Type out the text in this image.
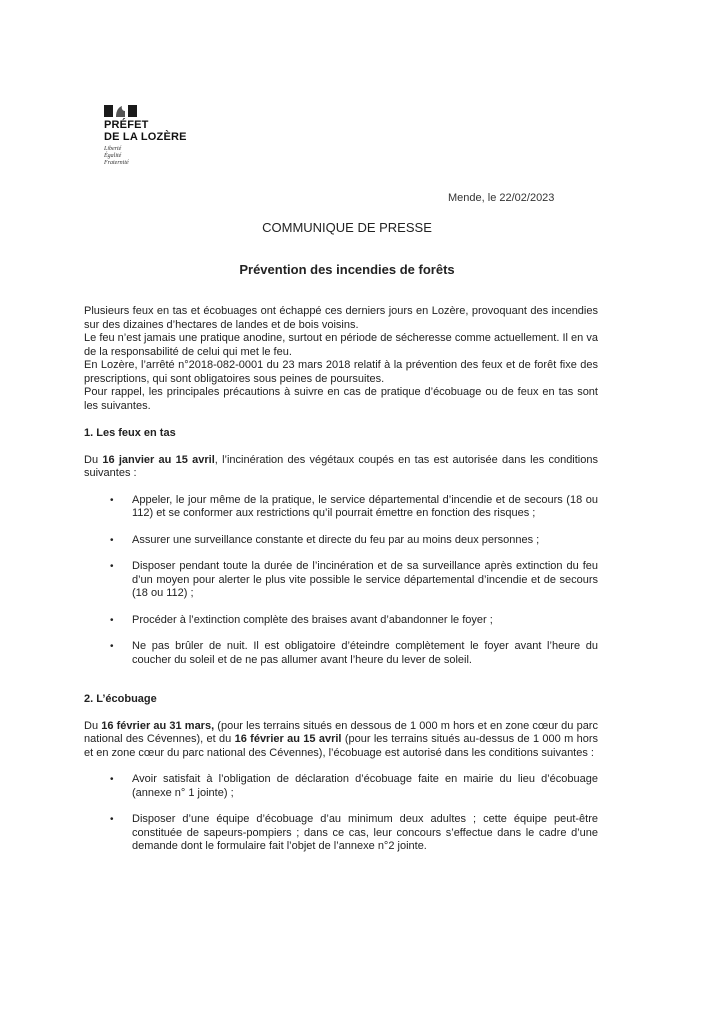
PRÉFET
DE LA LOZÈRE
Liberté
Égalité
Fraternité
Mende, le 22/02/2023
COMMUNIQUE DE PRESSE
Prévention des incendies de forêts

Plusieurs feux en tas et écobuages ont échappé ces derniers jours en Lozère, provoquant des incendies sur des dizaines d’hectares de landes et de bois voisins.

Le feu n’est jamais une pratique anodine, surtout en période de sécheresse comme actuellement. Il en va de la responsabilité de celui qui met le feu.

En Lozère, l’arrêté n°2018-082-0001 du 23 mars 2018 relatif à la prévention des feux et de forêt fixe des prescriptions, qui sont obligatoires sous peines de poursuites.

Pour rappel, les principales précautions à suivre en cas de pratique d’écobuage ou de feux en tas sont les suivantes.

1. Les feux en tas

Du 16 janvier au 15 avril, l’incinération des végétaux coupés en tas est autorisée dans les conditions suivantes :

• Appeler, le jour même de la pratique, le service départemental d’incendie et de secours (18 ou 112) et se conformer aux restrictions qu’il pourrait émettre en fonction des risques ;
• Assurer une surveillance constante et directe du feu par au moins deux personnes ;
• Disposer pendant toute la durée de l’incinération et de sa surveillance après extinction du feu d’un moyen pour alerter le plus vite possible le service départemental d’incendie et de secours (18 ou 112) ;
• Procéder à l’extinction complète des braises avant d’abandonner le foyer ;
• Ne pas brûler de nuit. Il est obligatoire d’éteindre complètement le foyer avant l’heure du coucher du soleil et de ne pas allumer avant l’heure du lever de soleil.

2. L’écobuage

Du 16 février au 31 mars, (pour les terrains situés en dessous de 1 000 m hors et en zone cœur du parc national des Cévennes), et du 16 février au 15 avril (pour les terrains situés au-dessus de 1 000 m hors et en zone cœur du parc national des Cévennes), l’écobuage est autorisé dans les conditions suivantes :

• Avoir satisfait à l’obligation de déclaration d’écobuage faite en mairie du lieu d’écobuage (annexe n° 1 jointe) ;
• Disposer d’une équipe d’écobuage d’au minimum deux adultes ; cette équipe peut-être constituée de sapeurs-pompiers ; dans ce cas, leur concours s’effectue dans le cadre d’une demande dont le formulaire fait l’objet de l’annexe n°2 jointe.
